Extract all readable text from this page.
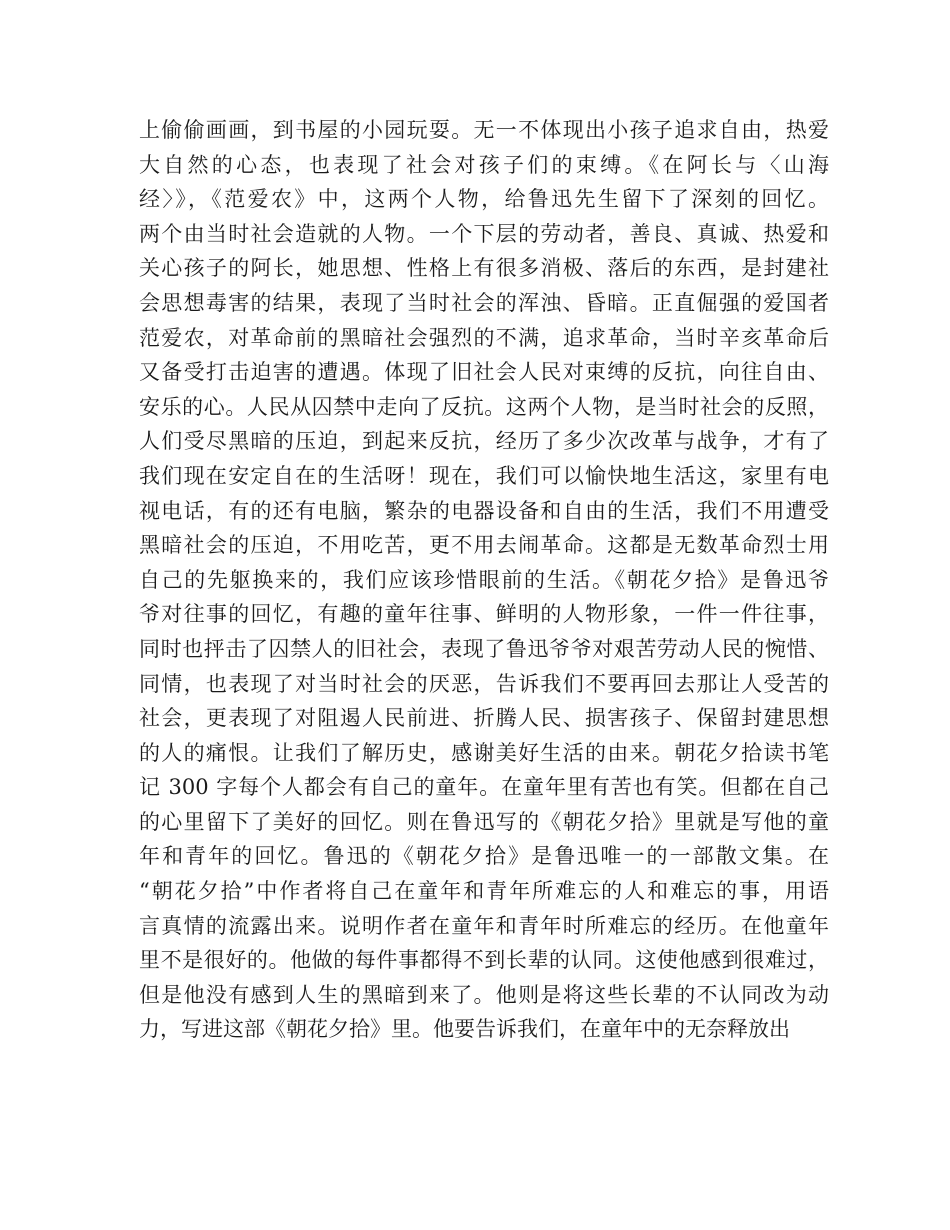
上偷偷画画，到书屋的小园玩耍。无一不体现出小孩子追求自由，热爱
大自然的心态，也表现了社会对孩子们的束缚。《在阿长与〈山海
经〉》，《范爱农》中，这两个人物，给鲁迅先生留下了深刻的回忆。
两个由当时社会造就的人物。一个下层的劳动者，善良、真诚、热爱和
关心孩子的阿长，她思想、性格上有很多消极、落后的东西，是封建社
会思想毒害的结果，表现了当时社会的浑浊、昏暗。正直倔强的爱国者
范爱农，对革命前的黑暗社会强烈的不满，追求革命，当时辛亥革命后
又备受打击迫害的遭遇。体现了旧社会人民对束缚的反抗，向往自由、
安乐的心。人民从囚禁中走向了反抗。这两个人物，是当时社会的反照，
人们受尽黑暗的压迫，到起来反抗，经历了多少次改革与战争，才有了
我们现在安定自在的生活呀！现在，我们可以愉快地生活这，家里有电
视电话，有的还有电脑，繁杂的电器设备和自由的生活，我们不用遭受
黑暗社会的压迫，不用吃苦，更不用去闹革命。这都是无数革命烈士用
自己的先躯换来的，我们应该珍惜眼前的生活。《朝花夕拾》是鲁迅爷
爷对往事的回忆，有趣的童年往事、鲜明的人物形象，一件一件往事，
同时也抨击了囚禁人的旧社会，表现了鲁迅爷爷对艰苦劳动人民的惋惜、
同情，也表现了对当时社会的厌恶，告诉我们不要再回去那让人受苦的
社会，更表现了对阻遏人民前进、折腾人民、损害孩子、保留封建思想
的人的痛恨。让我们了解历史，感谢美好生活的由来。朝花夕拾读书笔
记 300 字每个人都会有自己的童年。在童年里有苦也有笑。但都在自己
的心里留下了美好的回忆。则在鲁迅写的《朝花夕拾》里就是写他的童
年和青年的回忆。鲁迅的《朝花夕拾》是鲁迅唯一的一部散文集。在
“朝花夕拾”中作者将自己在童年和青年所难忘的人和难忘的事，用语
言真情的流露出来。说明作者在童年和青年时所难忘的经历。在他童年
里不是很好的。他做的每件事都得不到长辈的认同。这使他感到很难过，
但是他没有感到人生的黑暗到来了。他则是将这些长辈的不认同改为动
力，写进这部《朝花夕拾》里。他要告诉我们，在童年中的无奈释放出
